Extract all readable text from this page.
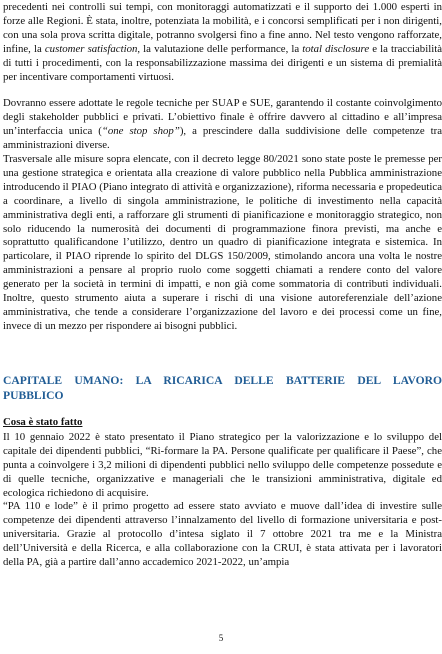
precedenti nei controlli sui tempi, con monitoraggi automatizzati e il supporto dei 1.000 esperti in forze alle Regioni. È stata, inoltre, potenziata la mobilità, e i concorsi semplificati per i non dirigenti, con una sola prova scritta digitale, potranno svolgersi fino a fine anno. Nel testo vengono rafforzate, infine, la customer satisfaction, la valutazione delle performance, la total disclosure e la tracciabilità di tutti i procedimenti, con la responsabilizzazione massima dei dirigenti e un sistema di premialità per incentivare comportamenti virtuosi.

Dovranno essere adottate le regole tecniche per SUAP e SUE, garantendo il costante coinvolgimento degli stakeholder pubblici e privati. L’obiettivo finale è offrire davvero al cittadino e all’impresa un’interfaccia unica (“one stop shop”), a prescindere dalla suddivisione delle competenze tra amministrazioni diverse.

Trasversale alle misure sopra elencate, con il decreto legge 80/2021 sono state poste le premesse per una gestione strategica e orientata alla creazione di valore pubblico nella Pubblica amministrazione introducendo il PIAO (Piano integrato di attività e organizzazione), riforma necessaria e propedeutica a coordinare, a livello di singola amministrazione, le politiche di investimento nella capacità amministrativa degli enti, a rafforzare gli strumenti di pianificazione e monitoraggio strategico, non solo riducendo la numerosità dei documenti di programmazione finora previsti, ma anche e soprattutto qualificandone l’utilizzo, dentro un quadro di pianificazione integrata e sistemica. In particolare, il PIAO riprende lo spirito del DLGS 150/2009, stimolando ancora una volta le nostre amministrazioni a pensare al proprio ruolo come soggetti chiamati a rendere conto del valore generato per la società in termini di impatti, e non già come sommatoria di contributi individuali. Inoltre, questo strumento aiuta a superare i rischi di una visione autoreferenziale dell’azione amministrativa, che tende a considerare l’organizzazione del lavoro e dei processi come un fine, invece di un mezzo per rispondere ai bisogni pubblici.

CAPITALE UMANO: LA RICARICA DELLE BATTERIE DEL LAVORO PUBBLICO

Cosa è stato fatto

Il 10 gennaio 2022 è stato presentato il Piano strategico per la valorizzazione e lo sviluppo del capitale dei dipendenti pubblici, “Ri-formare la PA. Persone qualificate per qualificare il Paese”, che punta a coinvolgere i 3,2 milioni di dipendenti pubblici nello sviluppo delle competenze possedute e di quelle tecniche, organizzative e manageriali che le transizioni amministrativa, digitale ed ecologica richiedono di acquisire.

“PA 110 e lode” è il primo progetto ad essere stato avviato e muove dall’idea di investire sulle competenze dei dipendenti attraverso l’innalzamento del livello di formazione universitaria e post-universitaria. Grazie al protocollo d’intesa siglato il 7 ottobre 2021 tra me e la Ministra dell’Università e della Ricerca, e alla collaborazione con la CRUI, è stata attivata per i lavoratori della PA, già a partire dall’anno accademico 2021-2022, un’ampia

5
